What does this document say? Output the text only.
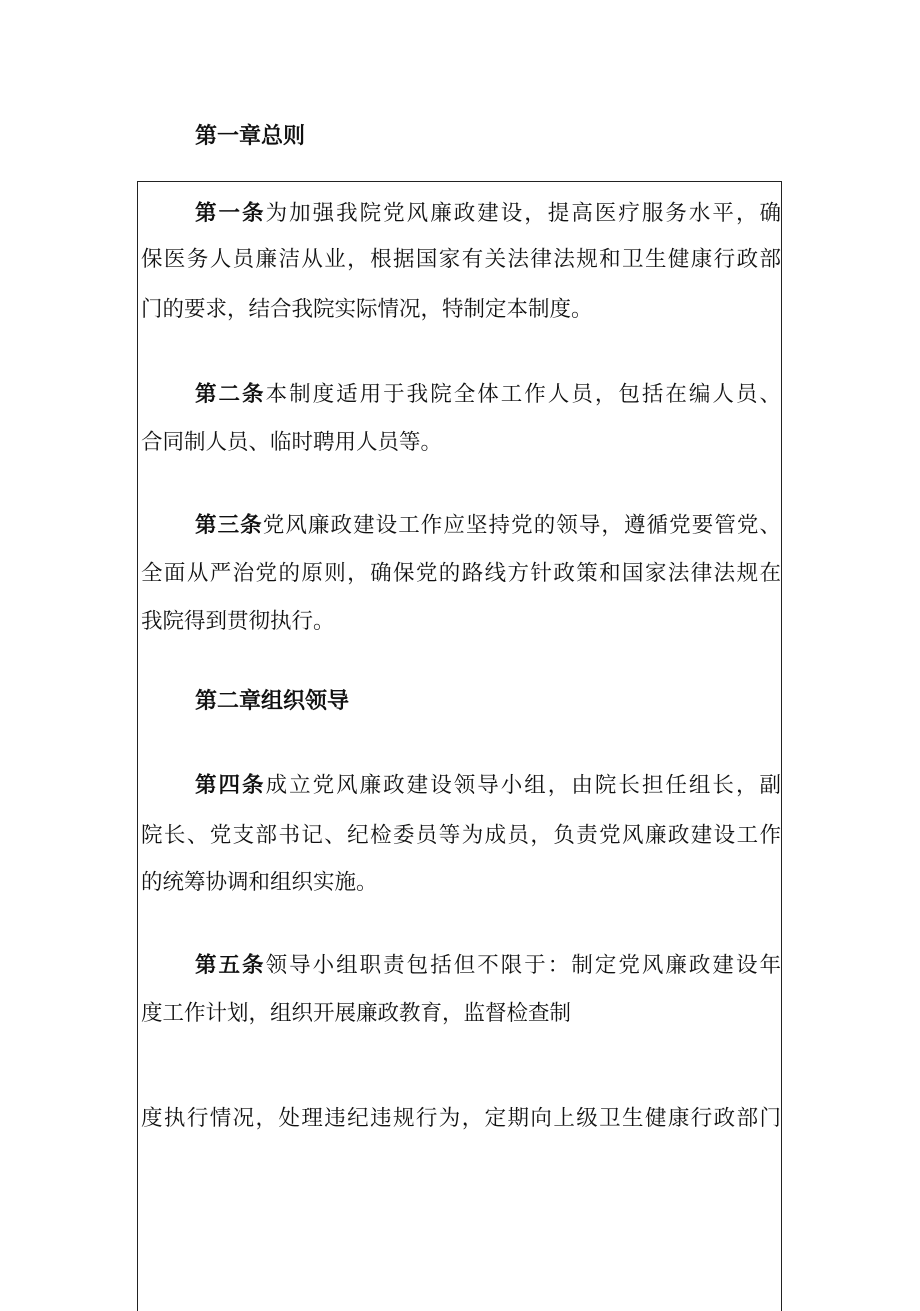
第一章总则

第一条为加强我院党风廉政建设，提高医疗服务水平，确

保医务人员廉洁从业，根据国家有关法律法规和卫生健康行政部

门的要求，结合我院实际情况，特制定本制度。

第二条本制度适用于我院全体工作人员，包括在编人员、

合同制人员、临时聘用人员等。

第三条党风廉政建设工作应坚持党的领导，遵循党要管党、

全面从严治党的原则，确保党的路线方针政策和国家法律法规在

我院得到贯彻执行。

第二章组织领导

第四条成立党风廉政建设领导小组，由院长担任组长，副

院长、党支部书记、纪检委员等为成员，负责党风廉政建设工作

的统筹协调和组织实施。

第五条领导小组职责包括但不限于：制定党风廉政建设年

度工作计划，组织开展廉政教育，监督检查制

度执行情况，处理违纪违规行为，定期向上级卫生健康行政部门
